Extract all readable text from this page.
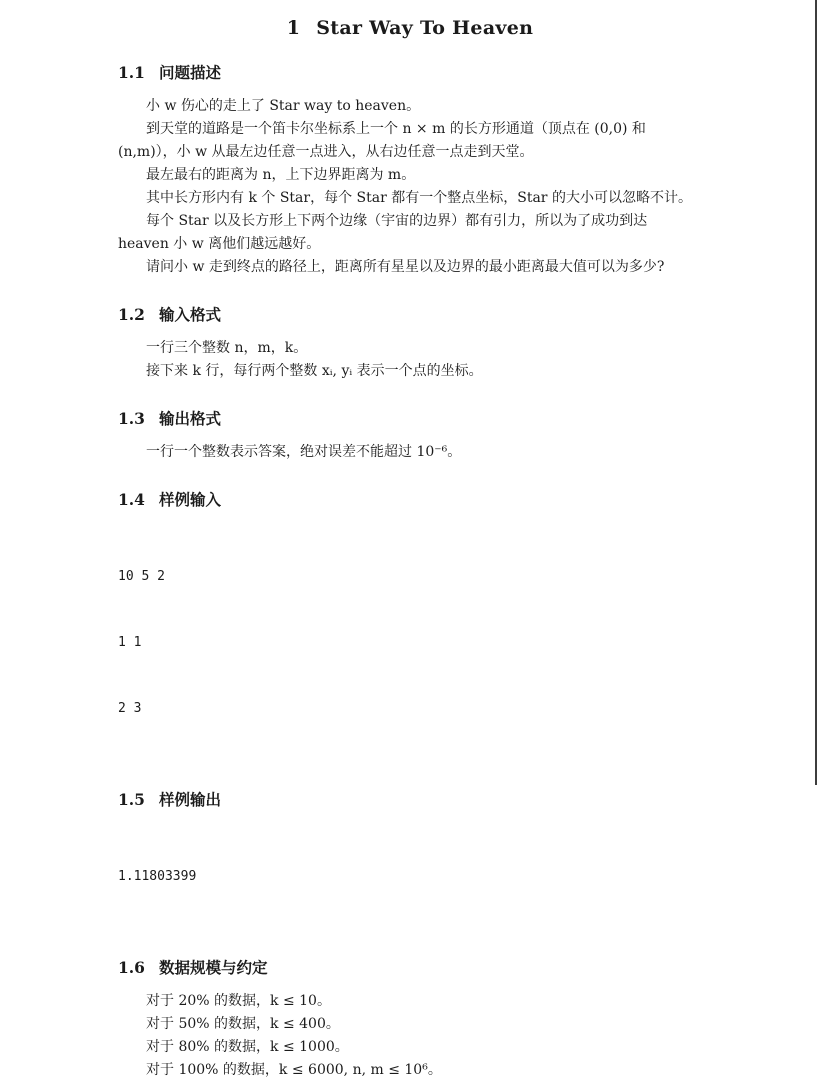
1 Star Way To Heaven
1.1 问题描述

小 w 伤心的走上了 Star way to heaven。

到天堂的道路是一个笛卡尔坐标系上一个 n × m 的长方形通道（顶点在 (0,0) 和 (n,m)），小 w 从最左边任意一点进入，从右边任意一点走到天堂。

最左最右的距离为 n，上下边界距离为 m。

其中长方形内有 k 个 Star，每个 Star 都有一个整点坐标，Star 的大小可以忽略不计。

每个 Star 以及长方形上下两个边缘（宇宙的边界）都有引力，所以为了成功到达 heaven 小 w 离他们越远越好。

请问小 w 走到终点的路径上，距离所有星星以及边界的最小距离最大值可以为多少?

1.2 输入格式

一行三个整数 n，m，k。

接下来 k 行，每行两个整数 xᵢ, yᵢ 表示一个点的坐标。

1.3 输出格式

一行一个整数表示答案，绝对误差不能超过 10⁻⁶。

1.4 样例输入

10 5 2

1 1

2 3

1.5 样例输出

1.11803399

1.6 数据规模与约定

对于 20% 的数据，k ≤ 10。

对于 50% 的数据，k ≤ 400。

对于 80% 的数据，k ≤ 1000。

对于 100% 的数据，k ≤ 6000, n, m ≤ 10⁶。
